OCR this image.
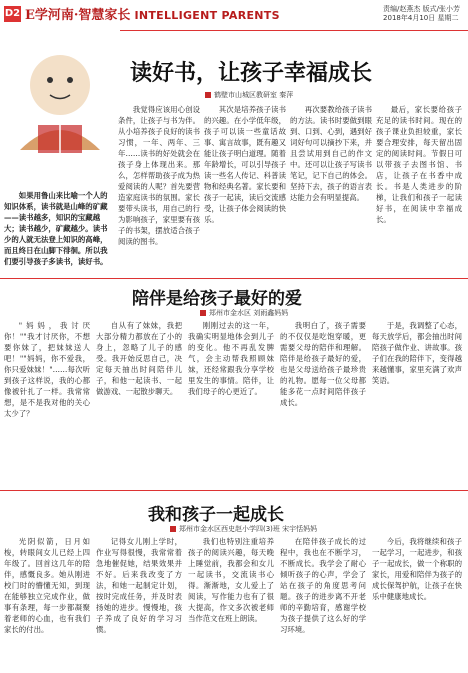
D2 E学河南·智慧家长 INTELLIGENT PARENTS	责编/赵燕杰 版式/张小芳
2018年4月10日 星期二
读好书，让孩子幸福成长
鹤壁市山城区教研室 秦萍

如果用鲁山来比喻一个人的知识体系，读书就是山峰的矿藏——读书越多，知识的宝藏越大；读书越少，矿藏越少。读书少的人就无法登上知识的高峰，而且终日在山脚下徘徊。所以我们要引导孩子多读书，读好书。

我觉得应该用心创设条件，让孩子与书为伴。从小培养孩子良好的读书习惯，一年、两年、三年……读书的好处就会在孩子身上体现出来。那么，怎样帮助孩子成为热爱阅读的人呢？首先要营造家庭读书的氛围。家长要带头读书，用自己的行为影响孩子，家里要有孩子的书架，摆放适合孩子阅读的图书。

其次是培养孩子读书的兴趣。在小学低年级，孩子可以读一些童话故事、寓言故事，既有趣又能让孩子明白道理。随着年龄增长，可以引导孩子读一些名人传记、科普读物和经典名著。家长要和孩子一起读，读后交流感受，让孩子体会阅读的快乐。

再次要教给孩子读书的方法。读书时要做到眼到、口到、心到，遇到好词好句可以摘抄下来，并且尝试用到自己的作文中。还可以让孩子写读书笔记，记下自己的体会。坚持下去，孩子的语言表达能力会有明显提高。

最后，家长要给孩子充足的读书时间。现在的孩子课业负担较重，家长要合理安排，每天留出固定的阅读时间。节假日可以带孩子去图书馆、书店，让孩子在书香中成长。书是人类进步的阶梯，让我们和孩子一起读好书，在阅读中幸福成长。

陪伴是给孩子最好的爱
郑州市金水区 刘雨鑫妈妈

"妈妈，我讨厌你！""我才讨厌你，不想要你妹了，把妹妹送人吧！""妈妈，你不爱我，你只爱妹妹！"……每次听到孩子这样说，我的心都像被针扎了一样。我常常想，是不是我对他的关心太少了？

自从有了妹妹，我把大部分精力都放在了小的身上，忽略了儿子的感受。我开始反思自己，决定每天抽出时间陪伴儿子，和他一起读书、一起做游戏、一起散步聊天。

刚刚过去的这一年，我确实明显地体会到儿子的变化。他不再乱发脾气，会主动帮我照顾妹妹，还经常跟我分享学校里发生的事情。陪伴，让我们母子的心更近了。

我明白了，孩子需要的不仅仅是吃饱穿暖，更需要父母的陪伴和理解。陪伴是给孩子最好的爱，也是父母送给孩子最珍贵的礼物。愿每一位父母都能多花一点时间陪伴孩子成长。

于是，我调整了心态，每天放学后，都会抽出时间陪孩子做作业、讲故事。孩子们在我的陪伴下，变得越来越懂事，家里充满了欢声笑语。

我和孩子一起成长
郑州市金水区西史赵小学四(3)班 宋宇恬妈妈

光阴似箭，日月如梭，转眼间女儿已经上四年级了。回首这几年的陪伴，感慨良多。她从刚进校门时的懵懂无知，到现在能够独立完成作业，做事有条理，每一步都凝聚着老师的心血，也有我们家长的付出。

记得女儿刚上学时，作业写得很慢，我常常着急地催促她，结果效果并不好。后来我改变了方法，和她一起制定计划，按时完成任务，并及时表扬她的进步。慢慢地，孩子养成了良好的学习习惯。

我们也特别注重培养孩子的阅读兴趣，每天晚上睡觉前，我都会和女儿一起读书，交流读书心得。渐渐地，女儿爱上了阅读，写作能力也有了很大提高，作文多次被老师当作范文在班上朗读。

在陪伴孩子成长的过程中，我也在不断学习，不断成长。我学会了耐心倾听孩子的心声，学会了站在孩子的角度思考问题。孩子的进步离不开老师的辛勤培育，感谢学校为孩子提供了这么好的学习环境。

今后，我将继续和孩子一起学习，一起进步，和孩子一起成长，做一个称职的家长，用爱和陪伴为孩子的成长保驾护航，让孩子在快乐中健康地成长。
